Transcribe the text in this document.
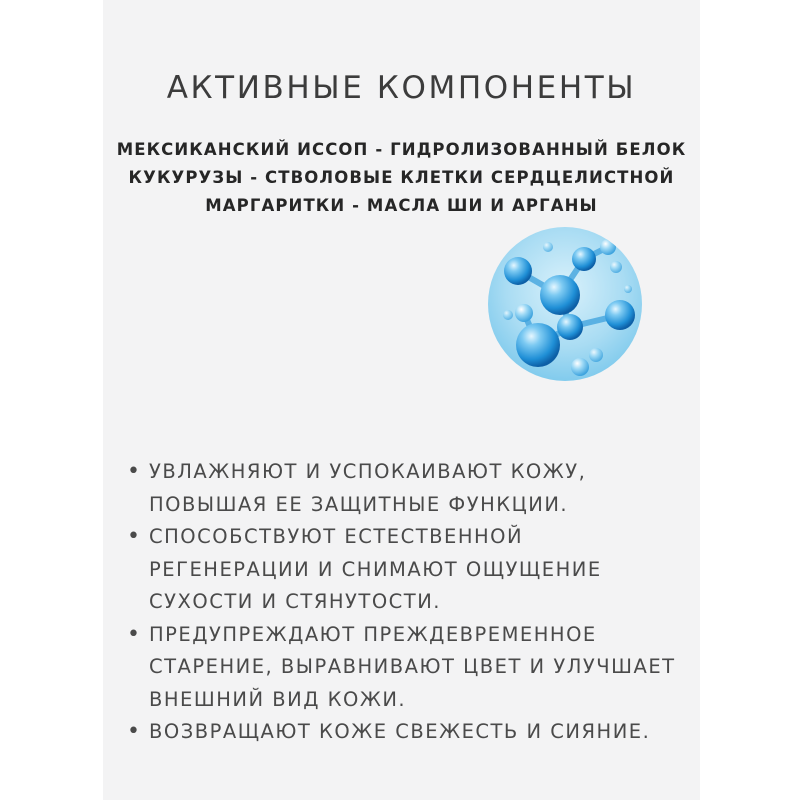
АКТИВНЫЕ КОМПОНЕНТЫ
МЕКСИКАНСКИЙ ИССОП - ГИДРОЛИЗОВАННЫЙ БЕЛОК
КУКУРУЗЫ - СТВОЛОВЫЕ КЛЕТКИ СЕРДЦЕЛИСТНОЙ
МАРГАРИТКИ - МАСЛА ШИ И АРГАНЫ
• УВЛАЖНЯЮТ И УСПОКАИВАЮТ КОЖУ,
ПОВЫШАЯ ЕЕ ЗАЩИТНЫЕ ФУНКЦИИ.
• СПОСОБСТВУЮТ ЕСТЕСТВЕННОЙ
РЕГЕНЕРАЦИИ И СНИМАЮТ ОЩУЩЕНИЕ
СУХОСТИ И СТЯНУТОСТИ.
• ПРЕДУПРЕЖДАЮТ ПРЕЖДЕВРЕМЕННОЕ
СТАРЕНИЕ, ВЫРАВНИВАЮТ ЦВЕТ И УЛУЧШАЕТ
ВНЕШНИЙ ВИД КОЖИ.
• ВОЗВРАЩАЮТ КОЖЕ СВЕЖЕСТЬ И СИЯНИЕ.
